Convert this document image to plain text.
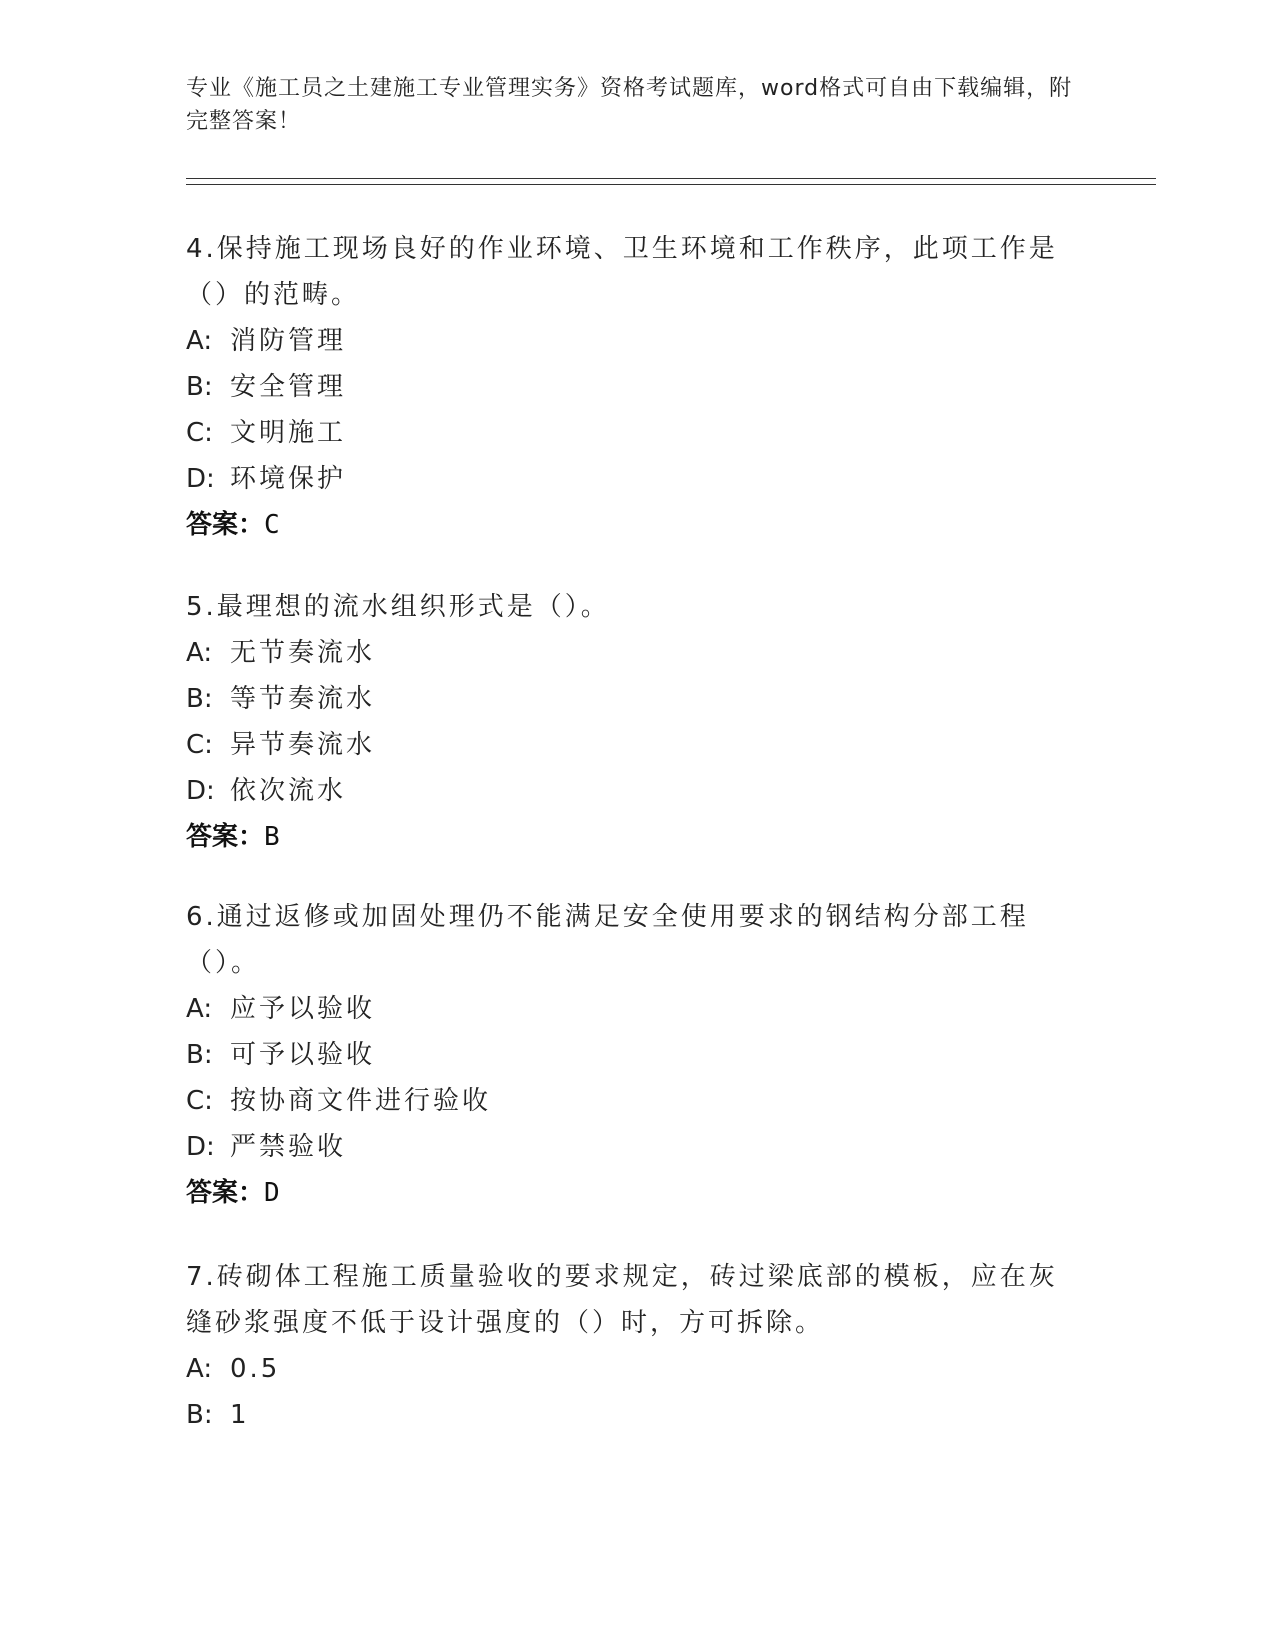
专业《施工员之土建施工专业管理实务》资格考试题库，word格式可自由下载编辑，附完整答案！

4.保持施工现场良好的作业环境、卫生环境和工作秩序，此项工作是（）的范畴。

A: 消防管理

B: 安全管理

C: 文明施工

D: 环境保护

答案：C

5.最理想的流水组织形式是（）。

A: 无节奏流水

B: 等节奏流水

C: 异节奏流水

D: 依次流水

答案：B

6.通过返修或加固处理仍不能满足安全使用要求的钢结构分部工程（）。

A: 应予以验收

B: 可予以验收

C: 按协商文件进行验收

D: 严禁验收

答案：D

7.砖砌体工程施工质量验收的要求规定，砖过梁底部的模板，应在灰缝砂浆强度不低于设计强度的（）时，方可拆除。

A: 0.5

B: 1
